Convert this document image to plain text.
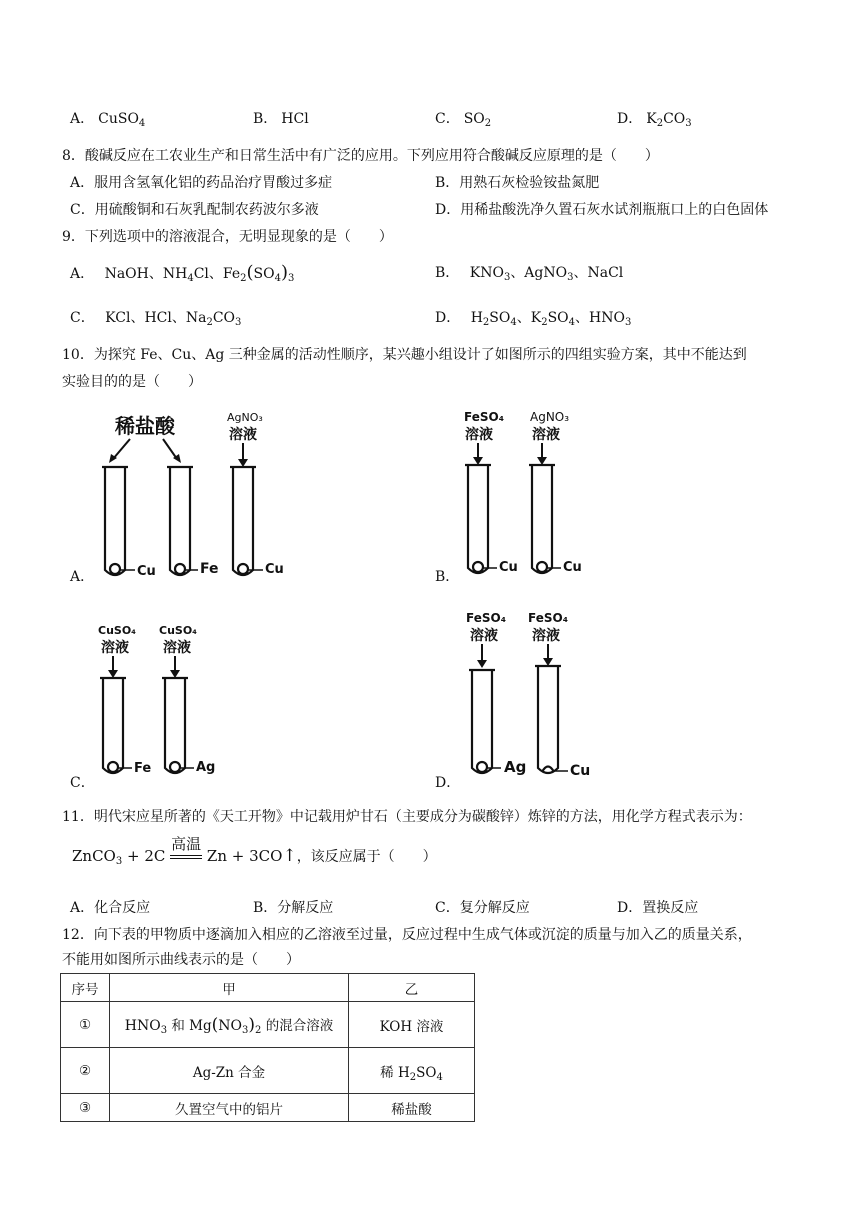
A． CuSO$_4$	B． HCl	C． $SO_2$	D． $K_2CO_3$
8．酸碱反应在工农业生产和日常生活中有广泛的应用。下列应用符合酸碱反应原理的是（　　）
A．服用含氢氧化铝的药品治疗胃酸过多症	B．用熟石灰检验铵盐氮肥
C．用硫酸铜和石灰乳配制农药波尔多液	D．用稀盐酸洗净久置石灰水试剂瓶瓶口上的白色固体
9．下列选项中的溶液混合，无明显现象的是（　　）
A． NaOH、$NH_4Cl$、$Fe_2(SO_4)_3$	B． $KNO_3$、AgNO$_3$、NaCl
C． KCl、HCl、$Na_2CO_3$	D． $H_2SO_4$、$K_2SO_4$、$HNO_3$
10．为探究 Fe、Cu、Ag 三种金属的活动性顺序，某兴趣小组设计了如图所示的四组实验方案，其中不能达到
实验目的的是（　　）
A．
稀盐酸	AgNO₃
溶液
Cu	Fe	Cu	B．
FeSO₄
溶液
AgNO₃
溶液
Cu	Cu
C．
CuSO₄
溶液
CuSO₄
溶液
Fe	Ag
D．
FeSO₄
溶液
FeSO₄
溶液
Ag	Cu
11．明代宋应星所著的《天工开物》中记载用炉甘石（主要成分为碳酸锌）炼锌的方法，用化学方程式表示为：
ZnCO$_3$ + 2C
高温
Zn + 3CO↑，该反应属于（　　）
A．化合反应	B．分解反应	C．复分解反应	D．置换反应
12．向下表的甲物质中逐滴加入相应的乙溶液至过量，反应过程中生成气体或沉淀的质量与加入乙的质量关系，
不能用如图所示曲线表示的是（　　）
序号	甲	乙
①	$HNO_3$ 和 $Mg(NO_3)_2$ 的混合溶液	KOH 溶液
②	Ag-Zn 合金	稀 $H_2SO_4$
③	久置空气中的铝片	稀盐酸
